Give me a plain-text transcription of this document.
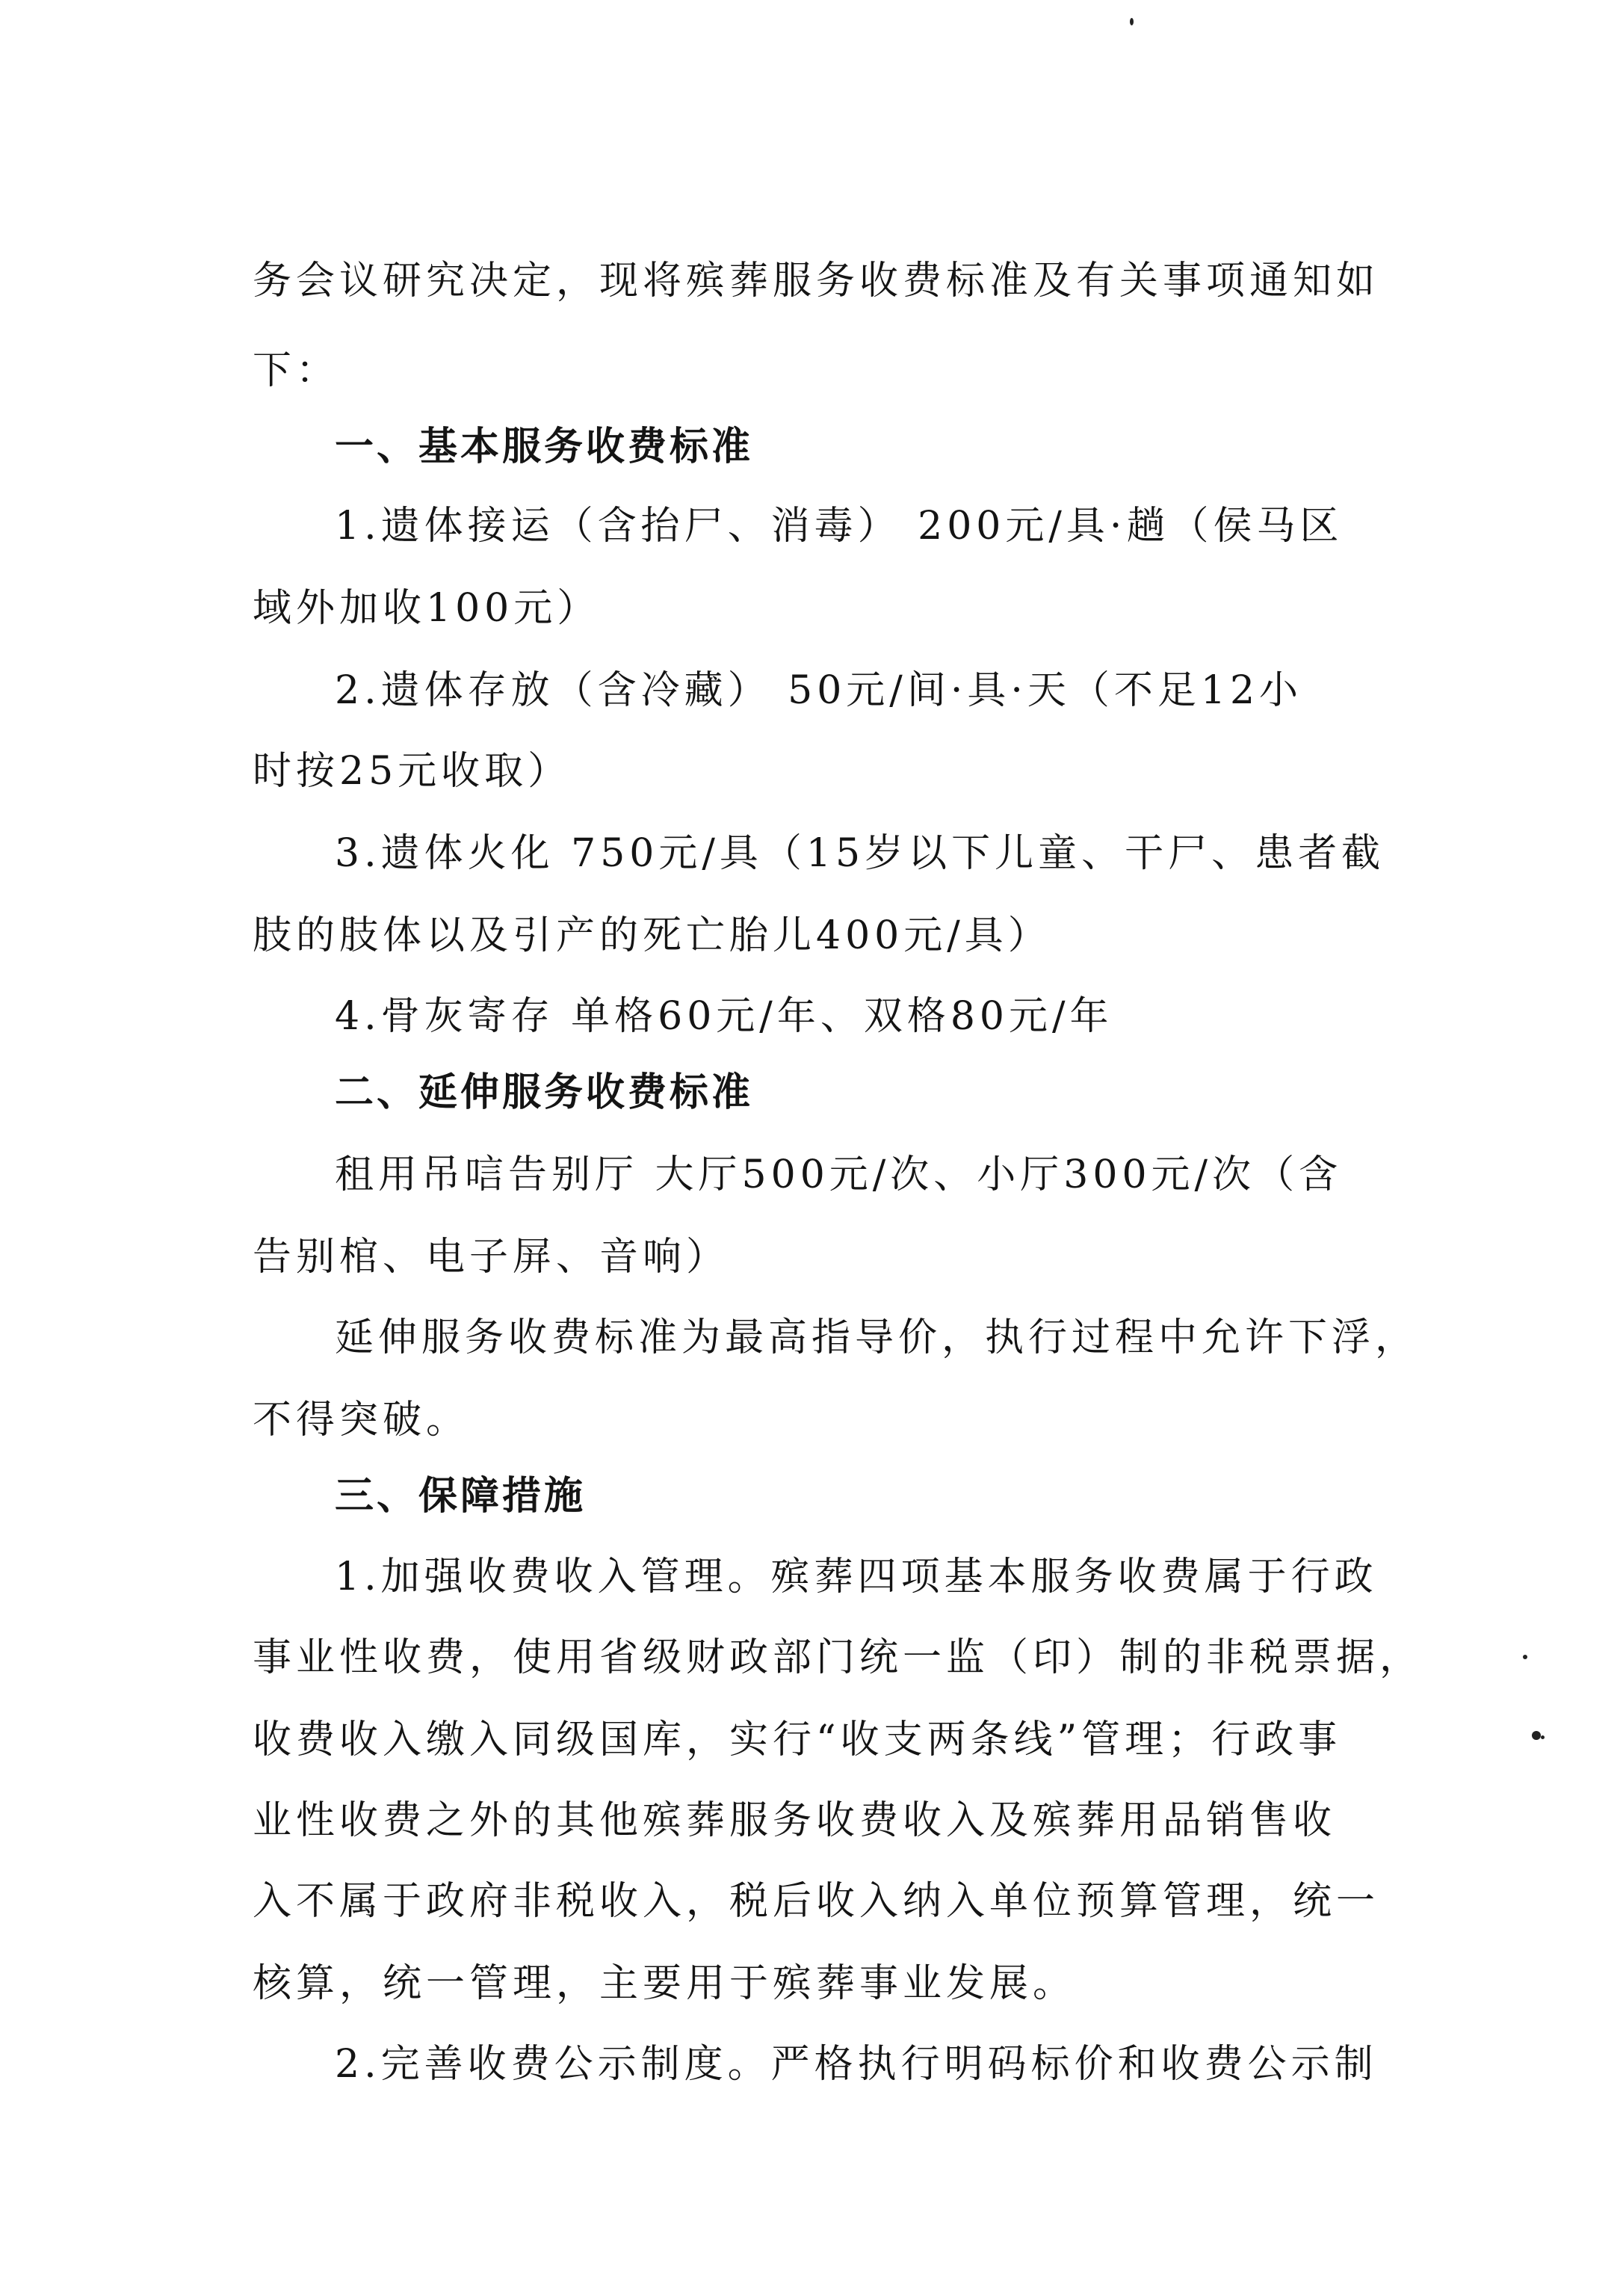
务会议研究决定，现将殡葬服务收费标准及有关事项通知如
下：
一、基本服务收费标准
1.遗体接运（含抬尸、消毒） 200元/具·趟（侯马区
域外加收100元）
2.遗体存放（含冷藏） 50元/间·具·天（不足12小
时按25元收取）
3.遗体火化 750元/具（15岁以下儿童、干尸、患者截
肢的肢体以及引产的死亡胎儿400元/具）
4.骨灰寄存 单格60元/年、双格80元/年
二、延伸服务收费标准
租用吊唁告别厅 大厅500元/次、小厅300元/次（含
告别棺、电子屏、音响）
延伸服务收费标准为最高指导价，执行过程中允许下浮，
不得突破。
三、保障措施
1.加强收费收入管理。殡葬四项基本服务收费属于行政
事业性收费，使用省级财政部门统一监（印）制的非税票据，
收费收入缴入同级国库，实行“收支两条线”管理；行政事
业性收费之外的其他殡葬服务收费收入及殡葬用品销售收
入不属于政府非税收入，税后收入纳入单位预算管理，统一
核算，统一管理，主要用于殡葬事业发展。
2.完善收费公示制度。严格执行明码标价和收费公示制
